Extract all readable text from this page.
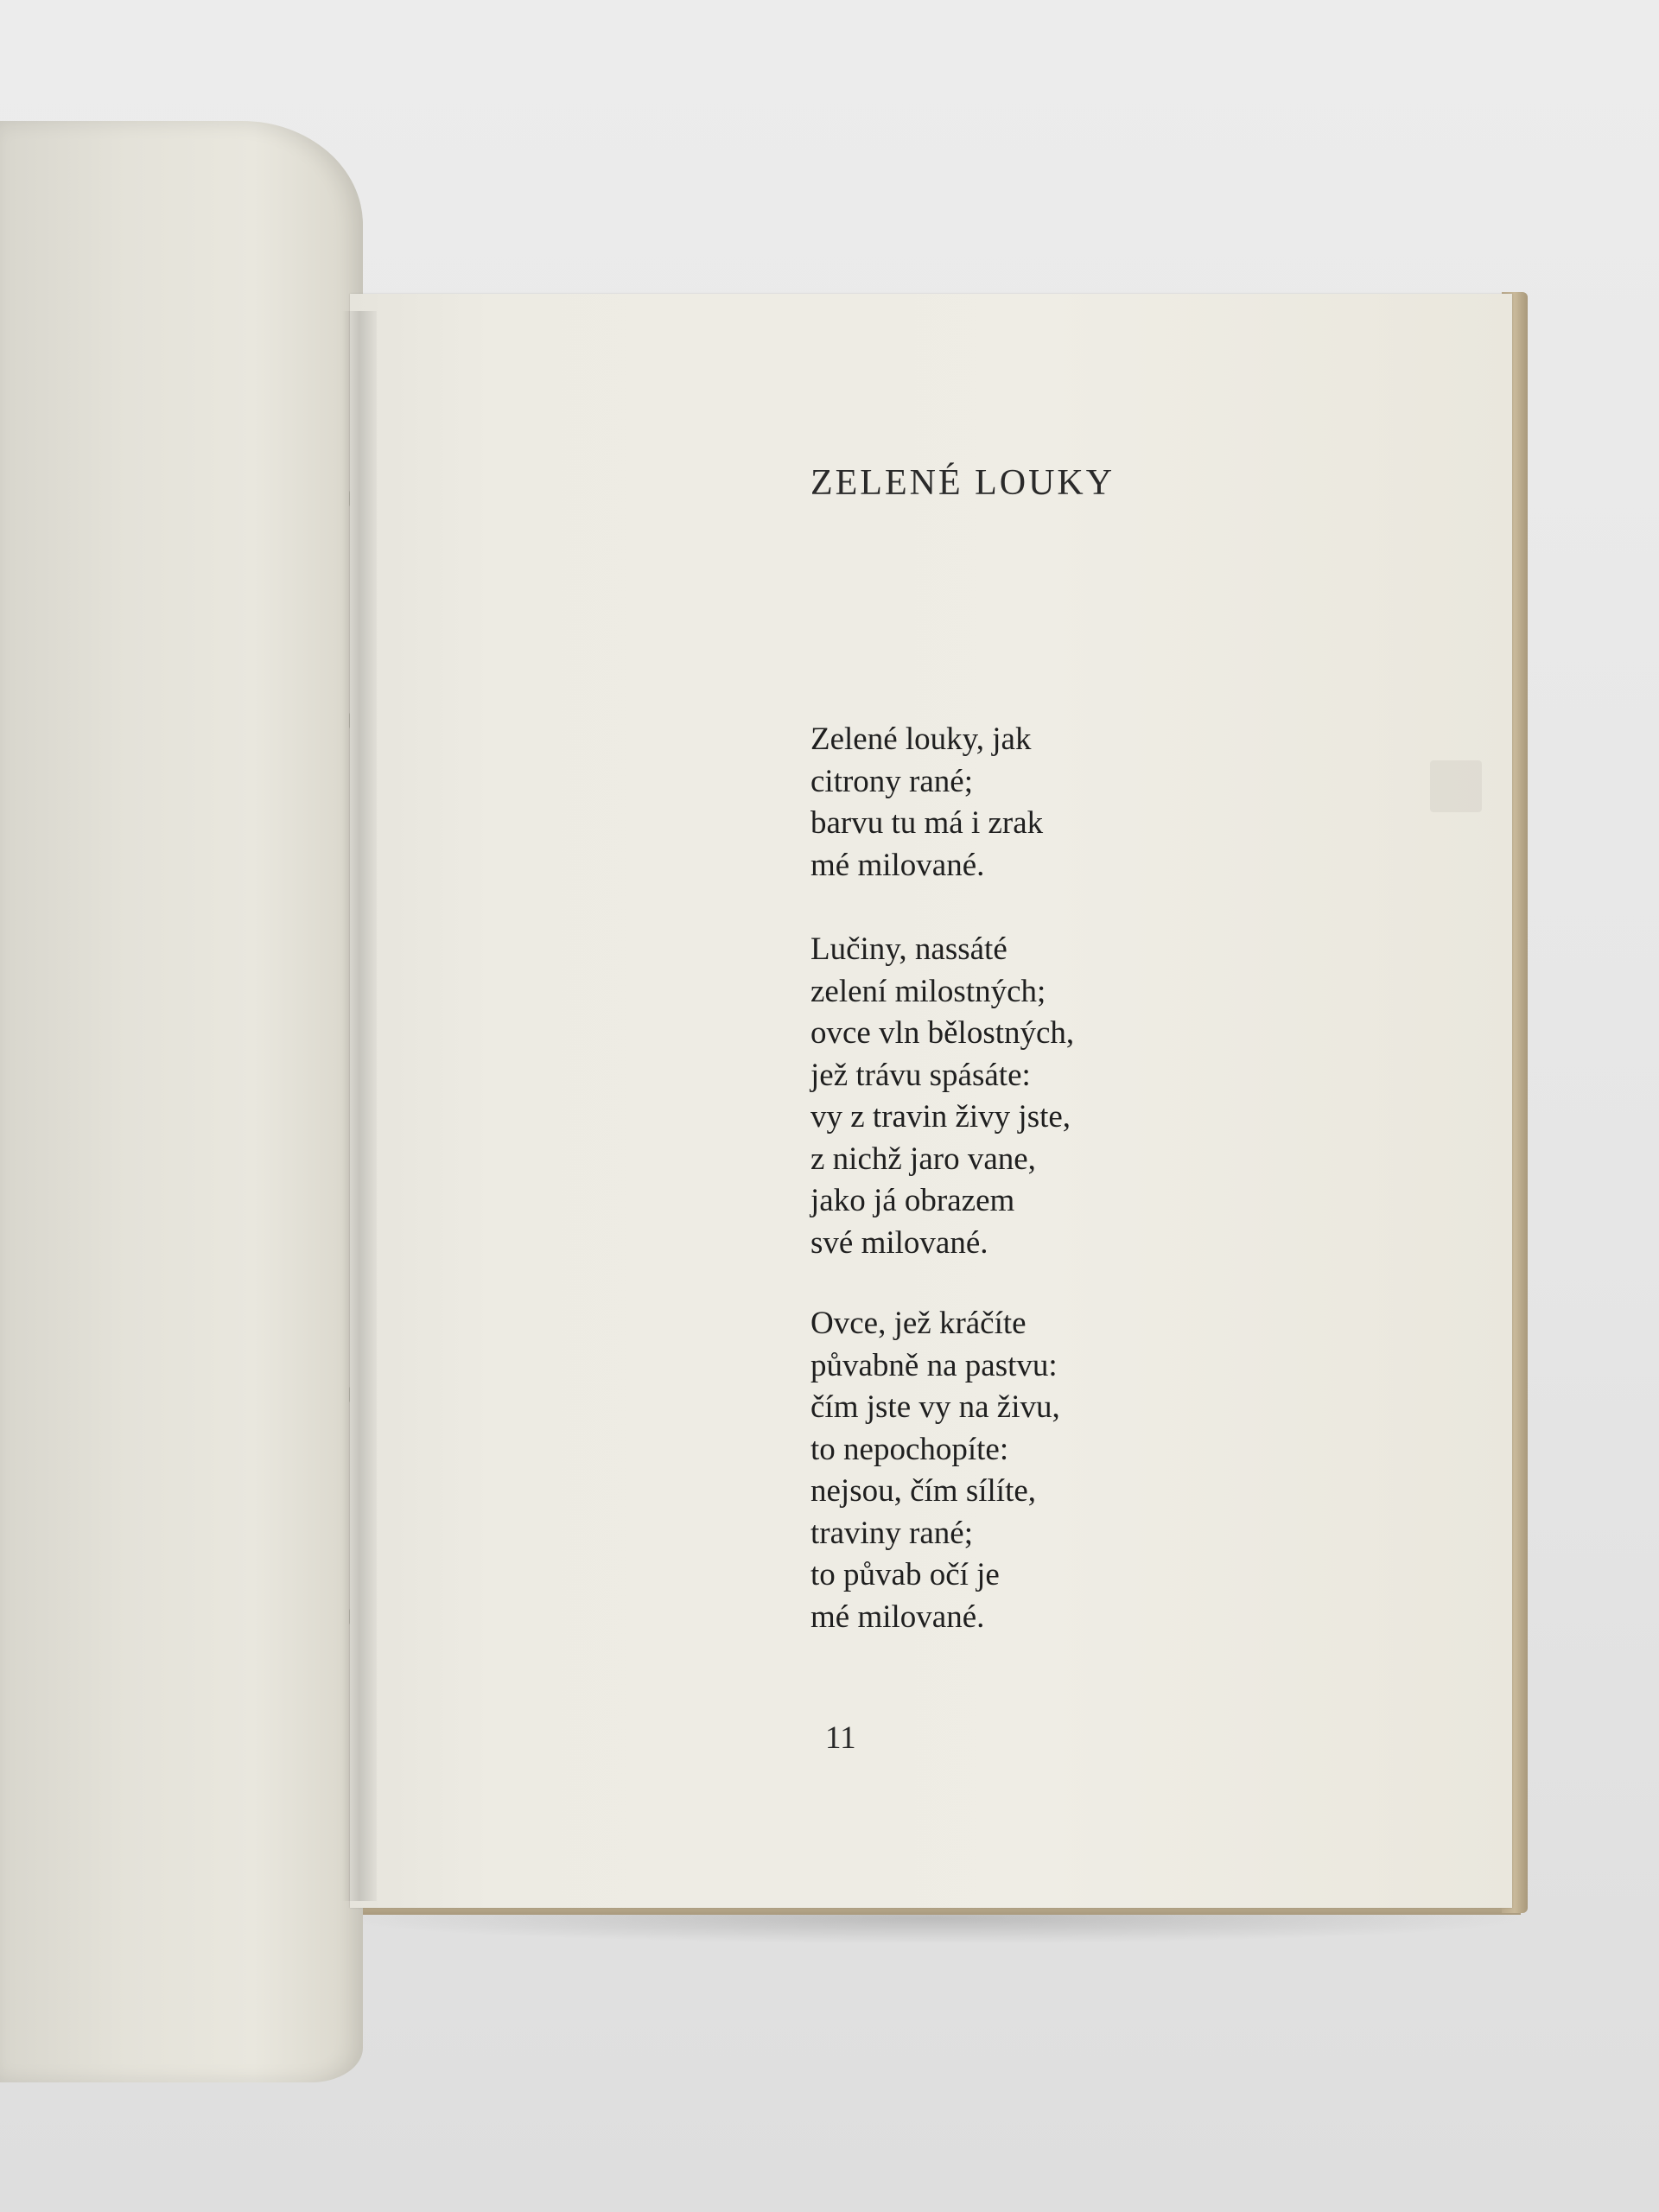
ZELENÉ LOUKY
Zelené louky, jak
citrony rané;
barvu tu má i zrak
mé milované.
Lučiny, nassáté
zelení milostných;
ovce vln bělostných,
jež trávu spásáte:
vy z travin živy jste,
z nichž jaro vane,
jako já obrazem
své milované.
Ovce, jež kráčíte
půvabně na pastvu:
čím jste vy na živu,
to nepochopíte:
nejsou, čím sílíte,
traviny rané;
to půvab očí je
mé milované.
11
